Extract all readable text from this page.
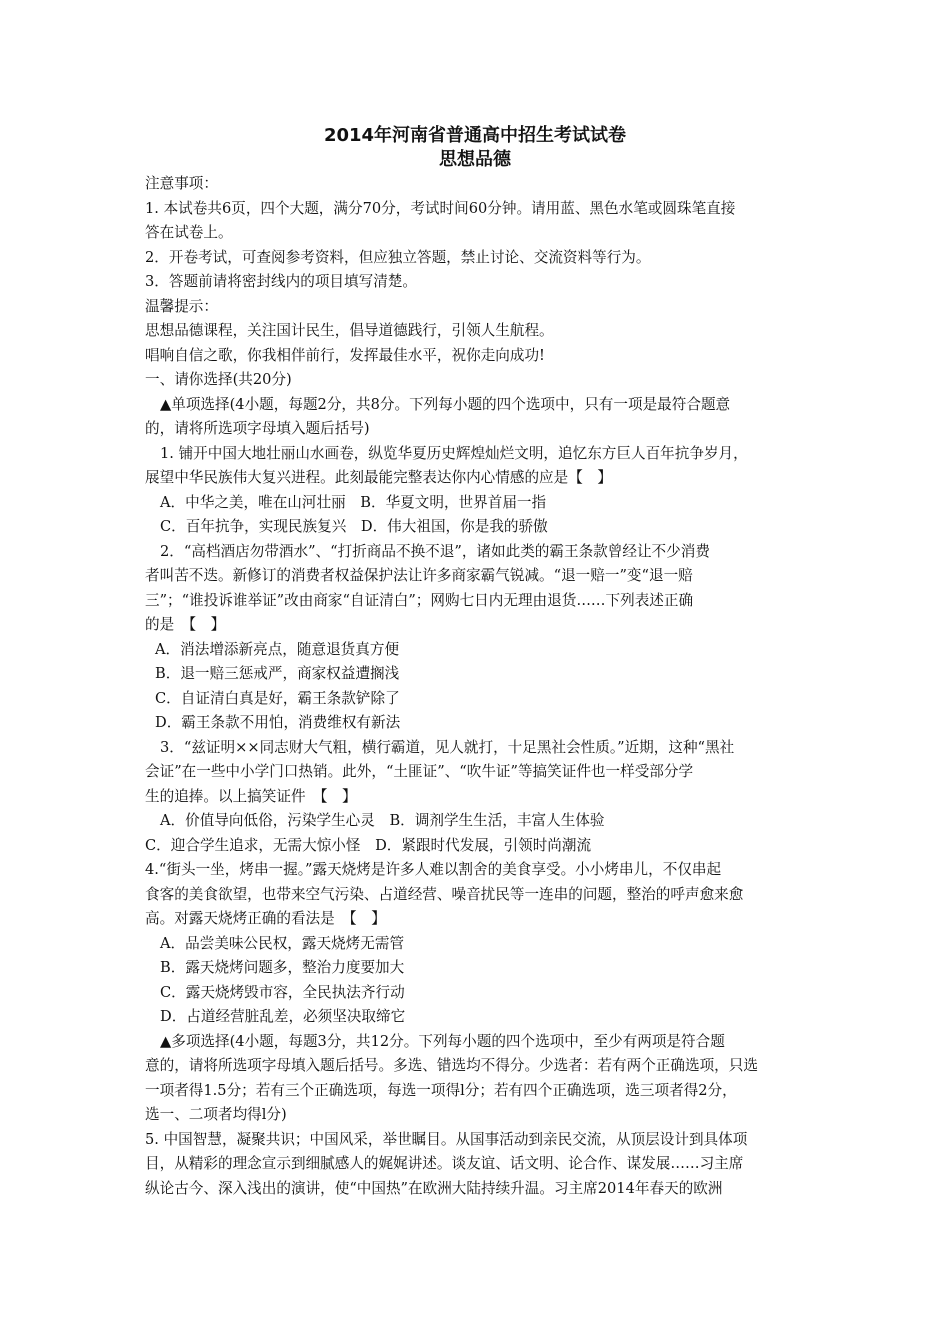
2014年河南省普通高中招生考试试卷
思想品德
注意事项：
1. 本试卷共6页，四个大题，满分70分，考试时间60分钟。请用蓝、黑色水笔或圆珠笔直接
答在试卷上。
2．开卷考试，可查阅参考资料，但应独立答题，禁止讨论、交流资料等行为。
3．答题前请将密封线内的项目填写清楚。
温馨提示：
思想品德课程，关注国计民生，倡导道德践行，引领人生航程。
唱响自信之歌，你我相伴前行，发挥最佳水平，祝你走向成功!
一、请你选择(共20分)
▲单项选择(4小题，每题2分，共8分。下列每小题的四个选项中，只有一项是最符合题意
的，请将所选项字母填入题后括号)
1. 铺开中国大地壮丽山水画卷，纵览华夏历史辉煌灿烂文明，追忆东方巨人百年抗争岁月，
展望中华民族伟大复兴进程。此刻最能完整表达你内心情感的应是【　】
A．中华之美，唯在山河壮丽　B．华夏文明，世界首届一指
C．百年抗争，实现民族复兴　D．伟大祖国，你是我的骄傲
2．“高档酒店勿带酒水”、“打折商品不换不退”，诸如此类的霸王条款曾经让不少消费
者叫苦不迭。新修订的消费者权益保护法让许多商家霸气锐减。“退一赔一”变“退一赔
三”；“谁投诉谁举证”改由商家“自证清白”；网购七日内无理由退货……下列表述正确
的是　【　】
A．消法增添新亮点，随意退货真方便
B．退一赔三惩戒严，商家权益遭搁浅
C．自证清白真是好，霸王条款铲除了
D．霸王条款不用怕，消费维权有新法
3．“兹证明××同志财大气粗，横行霸道，见人就打，十足黑社会性质。”近期，这种“黑社
会证”在一些中小学门口热销。此外，“土匪证”、“吹牛证”等搞笑证件也一样受部分学
生的追捧。以上搞笑证件　【　】
A．价值导向低俗，污染学生心灵　B．调剂学生生活，丰富人生体验
C．迎合学生追求，无需大惊小怪　D．紧跟时代发展，引领时尚潮流
4.“街头一坐，烤串一握。”露天烧烤是许多人难以割舍的美食享受。小小烤串儿，不仅串起
食客的美食欲望，也带来空气污染、占道经营、噪音扰民等一连串的问题，整治的呼声愈来愈
高。对露天烧烤正确的看法是　【　】
A．品尝美味公民权，露天烧烤无需管
B．露天烧烤问题多，整治力度要加大
C．露天烧烤毁市容，全民执法齐行动
D．占道经营脏乱差，必须坚决取缔它
▲多项选择(4小题，每题3分，共12分。下列每小题的四个选项中，至少有两项是符合题
意的，请将所选项字母填入题后括号。多选、错选均不得分。少选者：若有两个正确选项，只选
一项者得1.5分；若有三个正确选项，每选一项得l分；若有四个正确选项，选三项者得2分，
选一、二项者均得l分)
5. 中国智慧，凝聚共识；中国风采，举世瞩目。从国事活动到亲民交流，从顶层设计到具体项
目，从精彩的理念宣示到细腻感人的娓娓讲述。谈友谊、话文明、论合作、谋发展……习主席
纵论古今、深入浅出的演讲，使“中国热”在欧洲大陆持续升温。习主席2014年春天的欧洲
